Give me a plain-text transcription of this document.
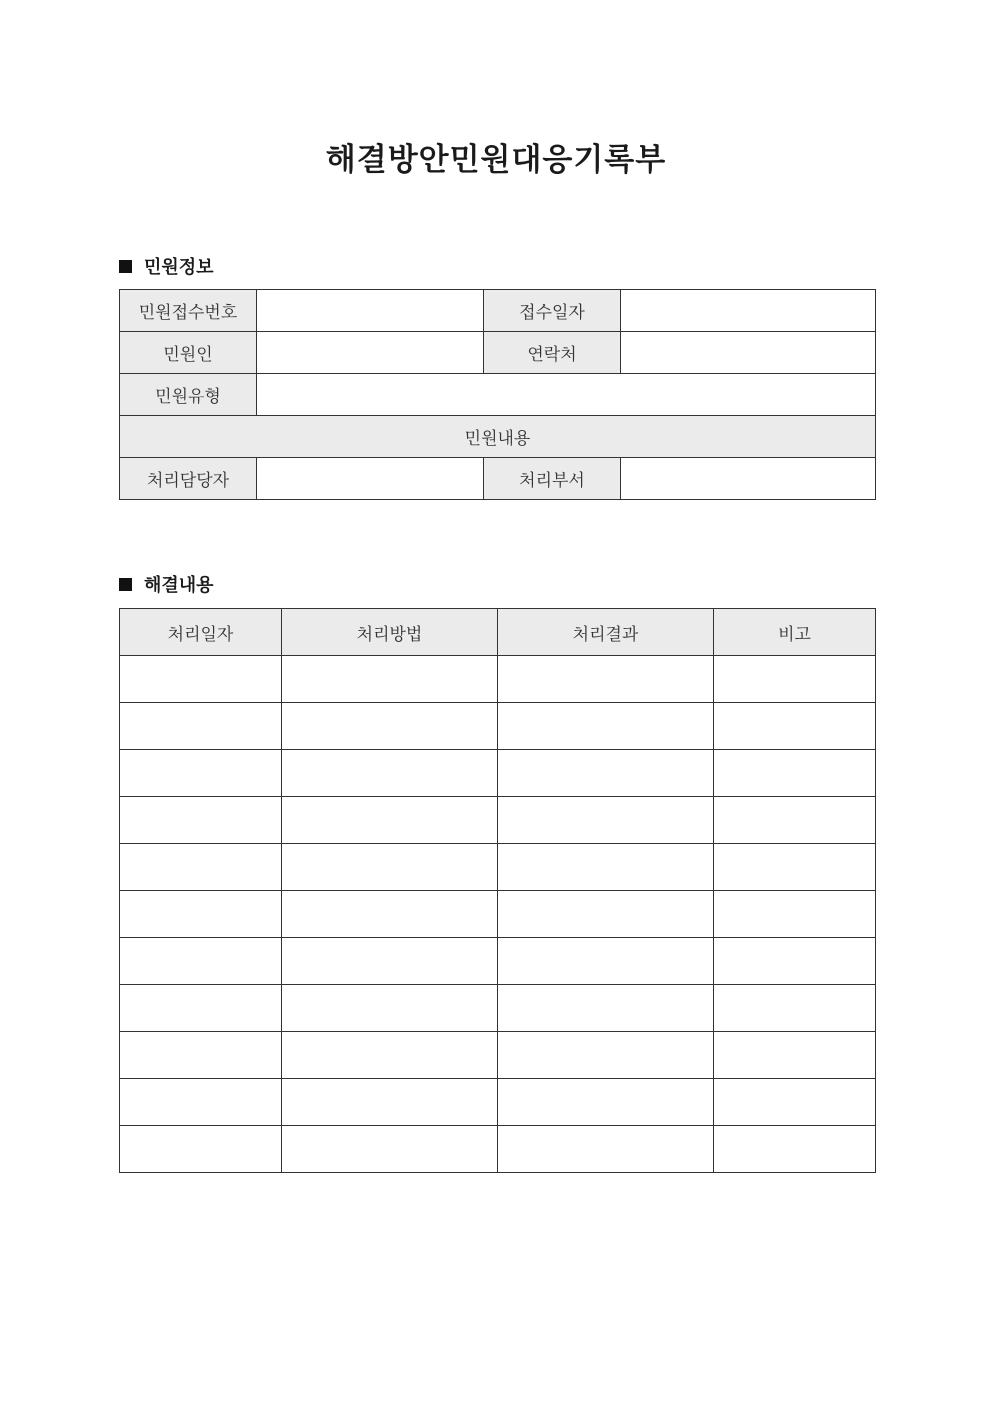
해결방안민원대응기록부
민원정보
민원접수번호		접수일자	
민원인		연락처	
민원유형			
민원내용			
처리담당자		처리부서	
해결내용
처리일자	처리방법	처리결과	비고
